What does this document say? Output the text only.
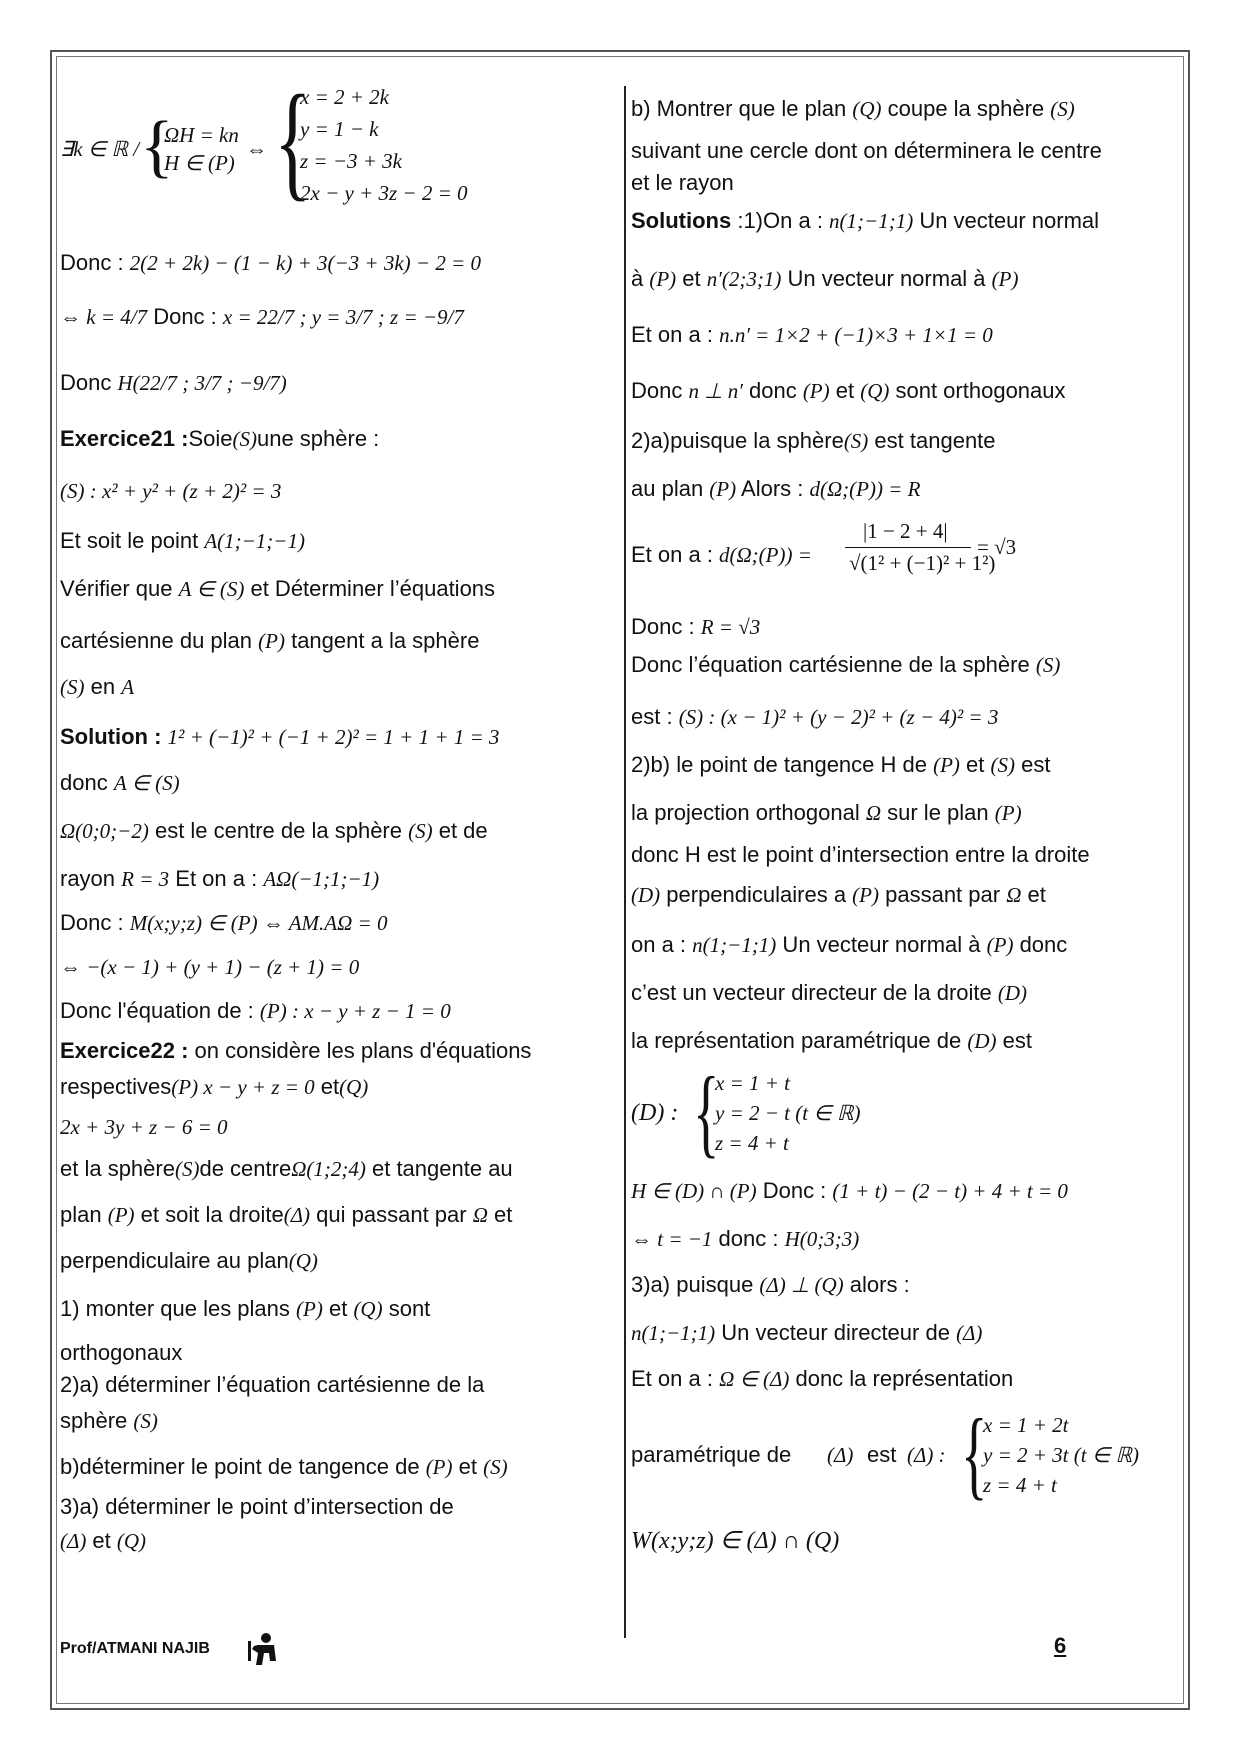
∃k ∈ ℝ / {
ΩH = kn
H ∈ (P)
⇔ {
x = 2 + 2k
y = 1 − k
z = −3 + 3k
2x − y + 3z − 2 = 0
Donc : 2(2 + 2k) − (1 − k) + 3(−3 + 3k) − 2 = 0
⇔ k = 4/7 Donc : x = 22/7 ; y = 3/7 ; z = −9/7
Donc H(22/7 ; 3/7 ; −9/7)
Exercice21 :Soie(S)une sphère :
(S) : x² + y² + (z + 2)² = 3
Et soit le point A(1;−1;−1)
Vérifier que A ∈ (S) et Déterminer l’équations
cartésienne du plan (P) tangent a la sphère
(S) en A
Solution : 1² + (−1)² + (−1 + 2)² = 1 + 1 + 1 = 3
donc A ∈ (S)
Ω(0;0;−2) est le centre de la sphère (S) et de
rayon R = 3 Et on a : AΩ(−1;1;−1)
Donc : M(x;y;z) ∈ (P) ⇔ AM.AΩ = 0
⇔ −(x − 1) + (y + 1) − (z + 1) = 0
Donc l'équation de : (P) : x − y + z − 1 = 0
Exercice22 : on considère les plans d'équations
respectives(P) x − y + z = 0 et(Q)
2x + 3y + z − 6 = 0
et la sphère(S)de centreΩ(1;2;4) et tangente au
plan (P) et soit la droite(Δ) qui passant par Ω et
perpendiculaire au plan(Q)
1) monter que les plans (P) et (Q) sont
orthogonaux
2)a) déterminer l’équation cartésienne de la
sphère (S)
b)déterminer le point de tangence de (P) et (S)
3)a) déterminer le point d’intersection de
(Δ) et (Q)
b) Montrer que le plan (Q) coupe la sphère (S)
suivant une cercle dont on déterminera le centre
et le rayon
Solutions :1)On a : n(1;−1;1) Un vecteur normal
à (P) et n′(2;3;1) Un vecteur normal à (P)
Et on a : n.n′ = 1×2 + (−1)×3 + 1×1 = 0
Donc n ⊥ n′ donc (P) et (Q) sont orthogonaux
2)a)puisque la sphère(S) est tangente
au plan (P) Alors : d(Ω;(P)) = R
Et on a : d(Ω;(P)) =
|1 − 2 + 4|
√(1² + (−1)² + 1²)
= √3
Donc : R = √3
Donc l’équation cartésienne de la sphère (S)
est : (S) : (x − 1)² + (y − 2)² + (z − 4)² = 3
2)b) le point de tangence H de (P) et (S) est
la projection orthogonal Ω sur le plan (P)
donc H est le point d’intersection entre la droite
(D) perpendiculaires a (P) passant par Ω et
on a : n(1;−1;1) Un vecteur normal à (P) donc
c’est un vecteur directeur de la droite (D)
la représentation paramétrique de (D) est
(D) : {
x = 1 + t
y = 2 − t (t ∈ ℝ)
z = 4 + t
H ∈ (D) ∩ (P) Donc : (1 + t) − (2 − t) + 4 + t = 0
⇔ t = −1 donc : H(0;3;3)
3)a) puisque (Δ) ⊥ (Q) alors :
n(1;−1;1) Un vecteur directeur de (Δ)
Et on a : Ω ∈ (Δ) donc la représentation
paramétrique de (Δ) est (Δ) : {
x = 1 + 2t
y = 2 + 3t (t ∈ ℝ)
z = 4 + t
W(x;y;z) ∈ (Δ) ∩ (Q)
Prof/ATMANI NAJIB	6
